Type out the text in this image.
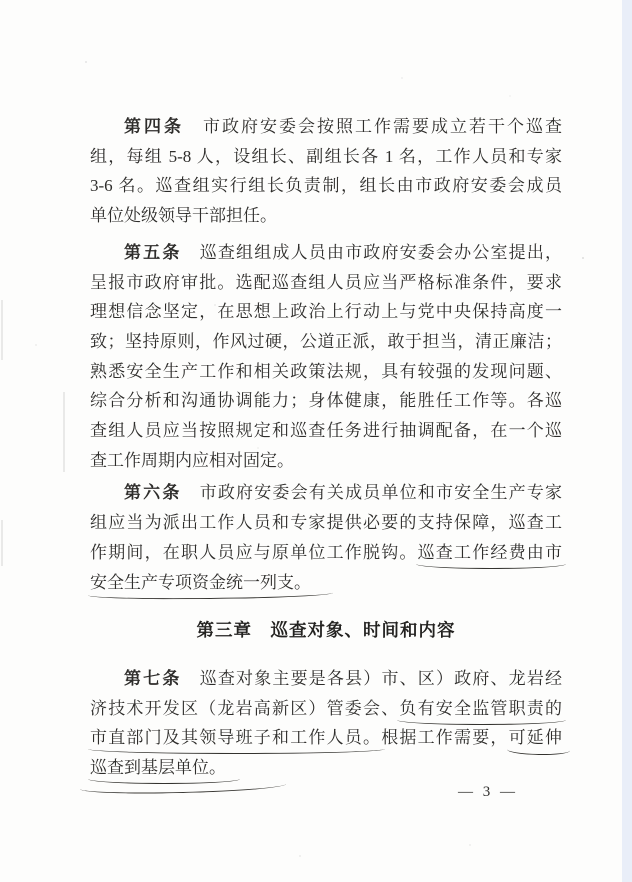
第四条　市政府安委会按照工作需要成立若干个巡查

组，每组 5-8 人，设组长、副组长各 1 名，工作人员和专家

3-6 名。巡查组实行组长负责制，组长由市政府安委会成员

单位处级领导干部担任。

第五条　巡查组组成人员由市政府安委会办公室提出，

呈报市政府审批。选配巡查组人员应当严格标准条件，要求

理想信念坚定，在思想上政治上行动上与党中央保持高度一

致；坚持原则，作风过硬，公道正派，敢于担当，清正廉洁；

熟悉安全生产工作和相关政策法规，具有较强的发现问题、

综合分析和沟通协调能力；身体健康，能胜任工作等。各巡

查组人员应当按照规定和巡查任务进行抽调配备，在一个巡

查工作周期内应相对固定。

第六条　市政府安委会有关成员单位和市安全生产专家

组应当为派出工作人员和专家提供必要的支持保障，巡查工

作期间，在职人员应与原单位工作脱钩。巡查工作经费由市

安全生产专项资金统一列支。

第三章　巡查对象、时间和内容

第七条　巡查对象主要是各县）市、区）政府、龙岩经

济技术开发区（龙岩高新区）管委会、负有安全监管职责的

市直部门及其领导班子和工作人员。根据工作需要，可延伸

巡查到基层单位。

— 3 —
